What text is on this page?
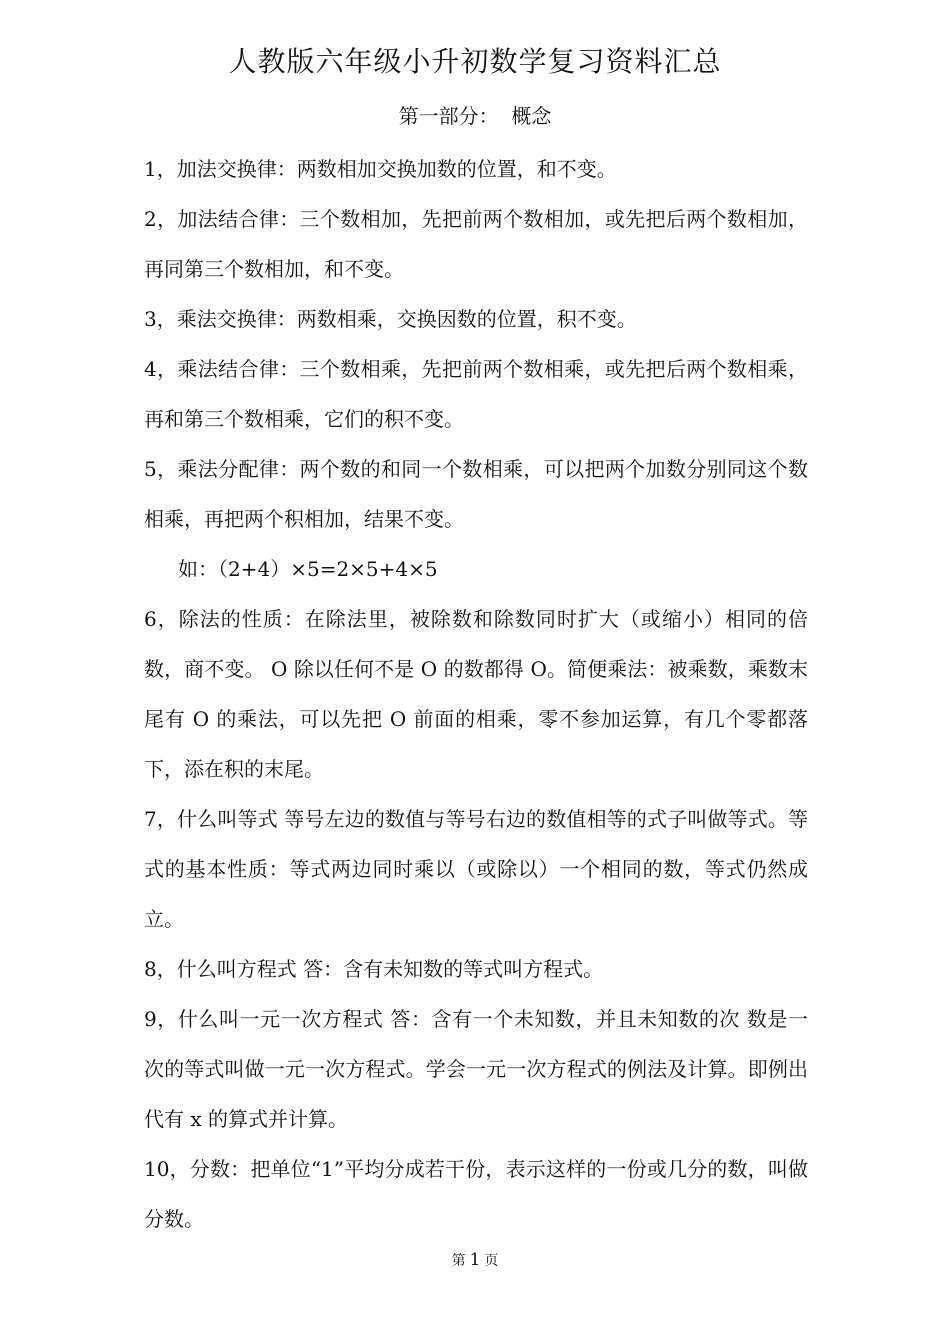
人教版六年级小升初数学复习资料汇总
第一部分：  概念

1，加法交换律：两数相加交换加数的位置，和不变。

2，加法结合律：三个数相加，先把前两个数相加，或先把后两个数相加，再同第三个数相加，和不变。

3，乘法交换律：两数相乘，交换因数的位置，积不变。

4，乘法结合律：三个数相乘，先把前两个数相乘，或先把后两个数相乘，再和第三个数相乘，它们的积不变。

5，乘法分配律：两个数的和同一个数相乘，可以把两个加数分别同这个数相乘，再把两个积相加，结果不变。

如：（2+4）×5=2×5+4×5

6，除法的性质：在除法里，被除数和除数同时扩大（或缩小）相同的倍数，商不变。 O 除以任何不是 O 的数都得 O。简便乘法：被乘数，乘数末尾有 O 的乘法，可以先把 O 前面的相乘，零不参加运算，有几个零都落下，添在积的末尾。

7，什么叫等式 等号左边的数值与等号右边的数值相等的式子叫做等式。等式的基本性质：等式两边同时乘以（或除以）一个相同的数，等式仍然成立。

8，什么叫方程式 答：含有未知数的等式叫方程式。

9，什么叫一元一次方程式 答：含有一个未知数，并且未知数的次 数是一次的等式叫做一元一次方程式。学会一元一次方程式的例法及计算。即例出代有 x 的算式并计算。

10，分数：把单位“1”平均分成若干份，表示这样的一份或几分的数，叫做分数。

第 1 页
